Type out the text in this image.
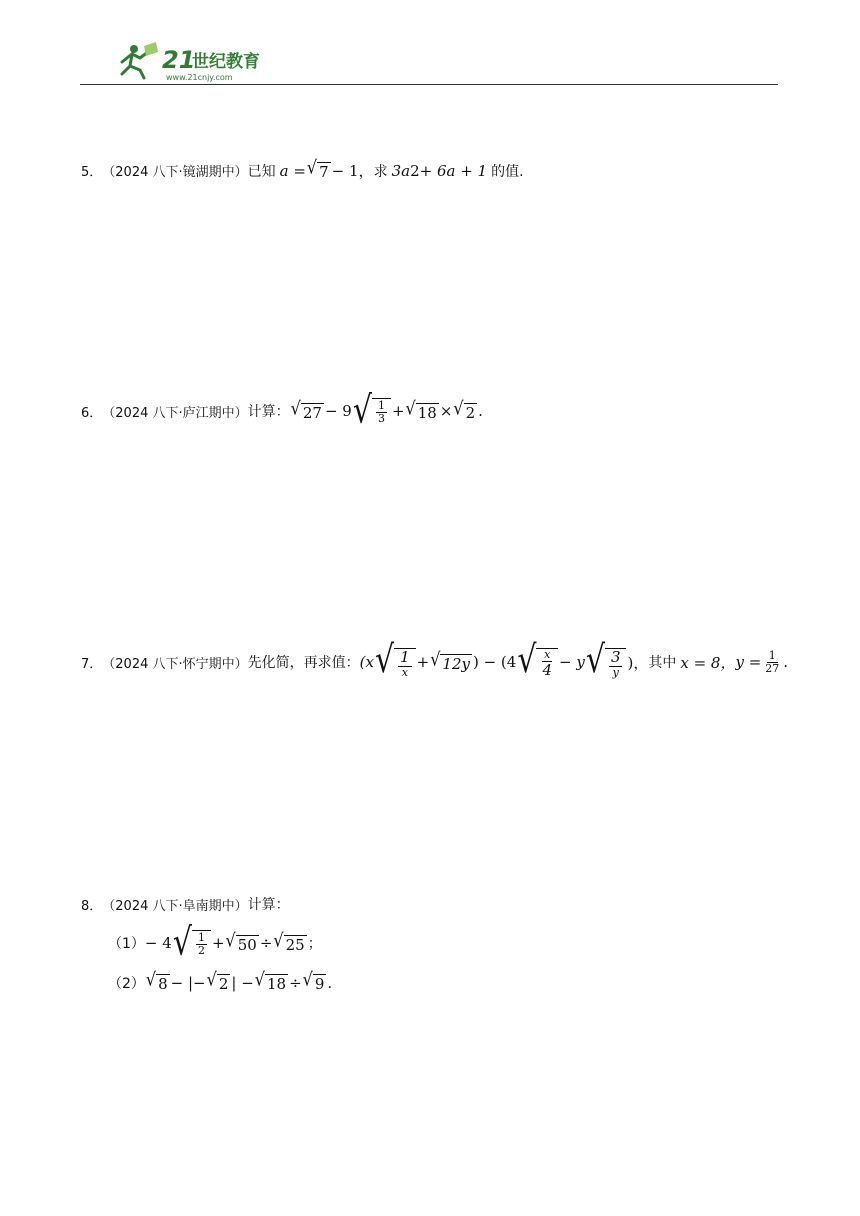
21
世纪教育
www.21cnjy.com
5． （2024 八下·镜湖期中） 已知 a = √ 7 − 1， 求 3a 2 + 6a + 1 的值.
6． （2024 八下·庐江期中） 计算： √ 27 − 9 √ $\frac{1}{3}$ + √ 18 × √ 2 .
7． （2024 八下·怀宁期中） 先化简，再求值： (x √ $\frac{1}{x}$ + √ 12y ) − (4 √ $\frac{x}{4} - y$ √ $\frac{3}{y}$ )， 其中 x = 8， $y = \frac{1}{27}$ .
8． （2024 八下·阜南期中） 计算：
（1） − 4 √ $\frac{1}{2}$ + √ 50 ÷ √ 25 ；
（2） √ 8 − |− √ 2 | − √ 18 ÷ √ 9 .
